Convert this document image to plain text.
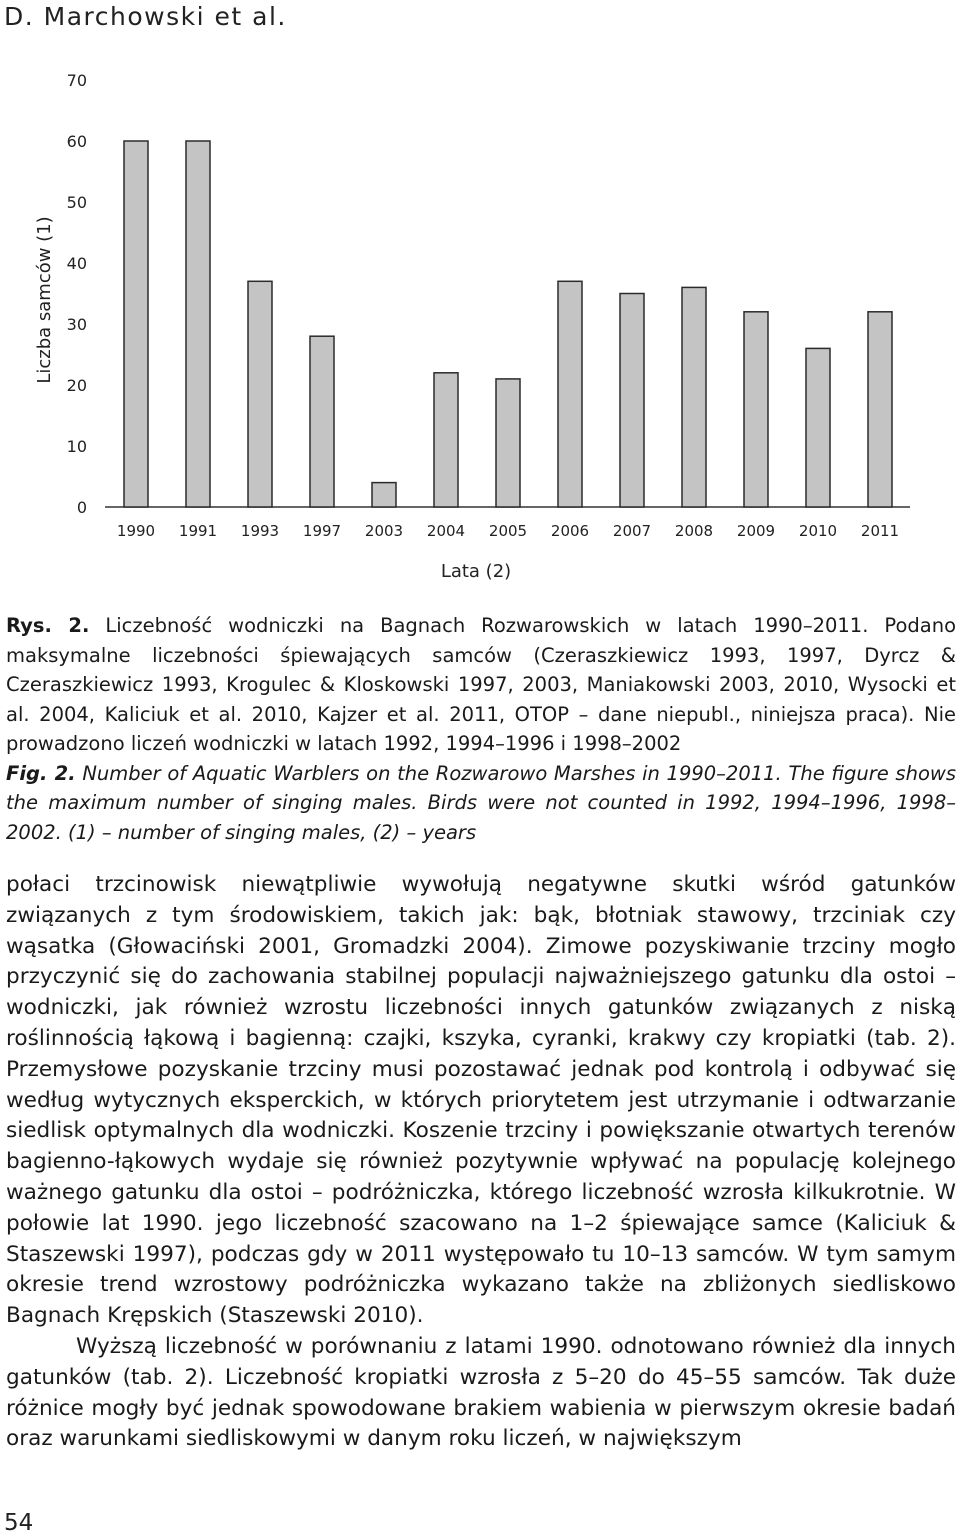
D. Marchowski et al.
0
10
20
30
40
50
60
70
1990 1991 1993 1997 2003 2004 2005 2006 2007 2008 2009 2010 2011
Liczba samców (1)
Lata (2)

Rys. 2. Liczebność wodniczki na Bagnach Rozwarowskich w latach 1990–2011. Podano maksymalne liczebności śpiewających samców (Czeraszkiewicz 1993, 1997, Dyrcz & Czeraszkiewicz 1993, Krogulec & Kloskowski 1997, 2003, Maniakowski 2003, 2010, Wysocki et al. 2004, Kaliciuk et al. 2010, Kajzer et al. 2011, OTOP – dane niepubl., niniejsza praca). Nie prowadzono liczeń wodniczki w latach 1992, 1994–1996 i 1998–2002

Fig. 2. Number of Aquatic Warblers on the Rozwarowo Marshes in 1990–2011. The figure shows the maximum number of singing males. Birds were not counted in 1992, 1994–1996, 1998–2002. (1) – number of singing males, (2) – years

połaci trzcinowisk niewątpliwie wywołują negatywne skutki wśród gatunków związanych z tym środowiskiem, takich jak: bąk, błotniak stawowy, trzciniak czy wąsatka (Głowaciński 2001, Gromadzki 2004). Zimowe pozyskiwanie trzciny mogło przyczynić się do zachowania stabilnej populacji najważniejszego gatunku dla ostoi – wodniczki, jak również wzrostu liczebności innych gatunków związanych z niską roślinnością łąkową i bagienną: czajki, kszyka, cyranki, krakwy czy kropiatki (tab. 2). Przemysłowe pozyskanie trzciny musi pozostawać jednak pod kontrolą i odbywać się według wytycznych eksperckich, w których priorytetem jest utrzymanie i odtwarzanie siedlisk optymalnych dla wodniczki. Koszenie trzciny i powiększanie otwartych terenów bagienno-łąkowych wydaje się również pozytywnie wpływać na populację kolejnego ważnego gatunku dla ostoi – podróżniczka, którego liczebność wzrosła kilkukrotnie. W połowie lat 1990. jego liczebność szacowano na 1–2 śpiewające samce (Kaliciuk & Staszewski 1997), podczas gdy w 2011 występowało tu 10–13 samców. W tym samym okresie trend wzrostowy podróżniczka wykazano także na zbliżonych siedliskowo Bagnach Krępskich (Staszewski 2010).

Wyższą liczebność w porównaniu z latami 1990. odnotowano również dla innych gatunków (tab. 2). Liczebność kropiatki wzrosła z 5–20 do 45–55 samców. Tak duże różnice mogły być jednak spowodowane brakiem wabienia w pierwszym okresie badań oraz warunkami siedliskowymi w danym roku liczeń, w największym

54
